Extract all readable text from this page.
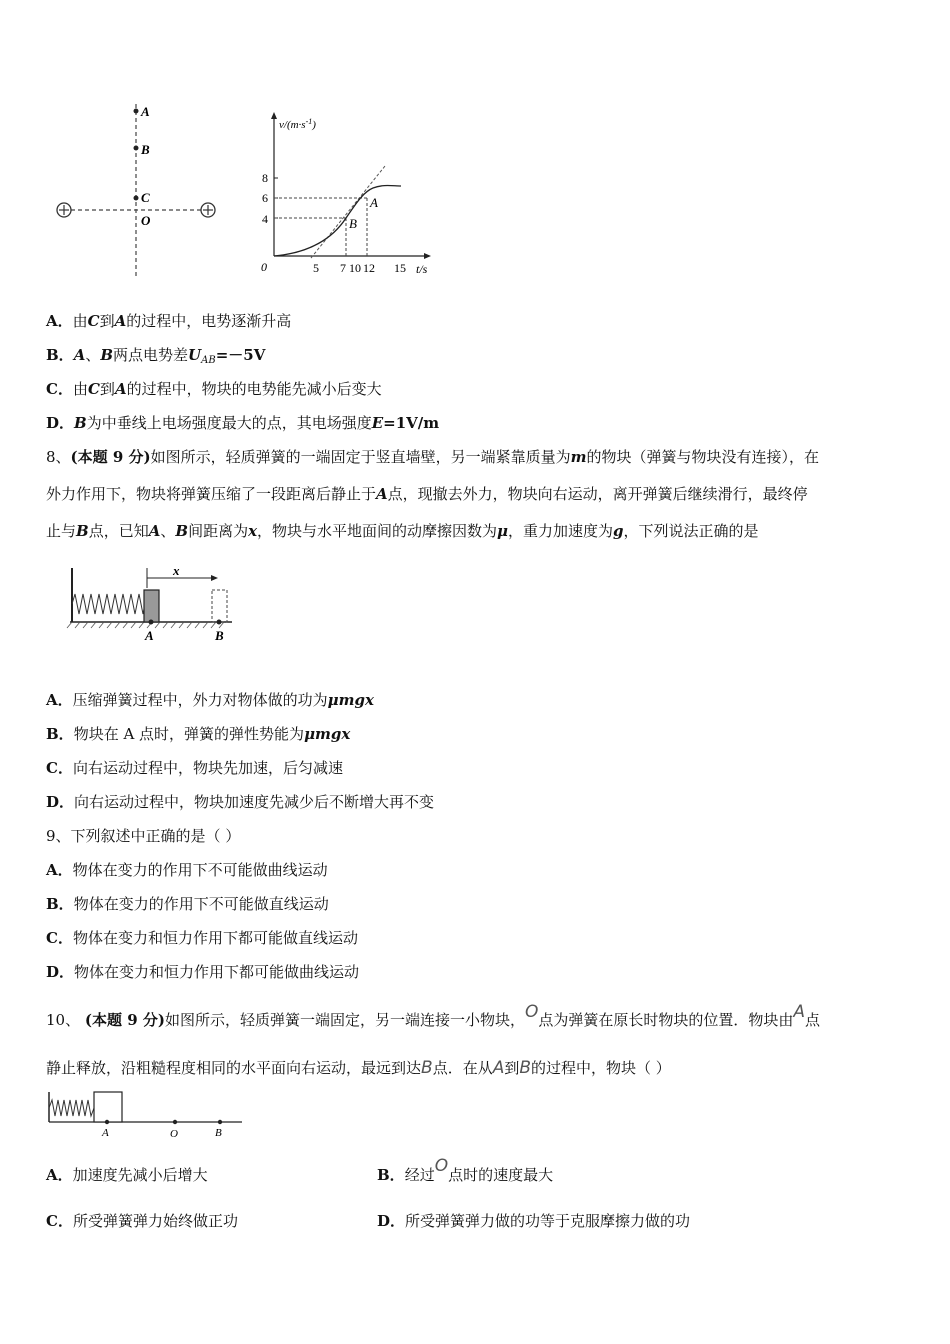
A
B
C
O
$v/(m\cdot s^{-1})$
t/s
0
8
6
4
5 7 10 12 15
A
B
A．由C到A的过程中，电势逐渐升高
B．A、B两点电势差$U_{AB}=-5V$
C．由C到A的过程中，物块的电势能先减小后变大
D．B为中垂线上电场强度最大的点，其电场强度E=1V/m
8、(本题 9 分)如图所示，轻质弹簧的一端固定于竖直墙壁，另一端紧靠质量为m的物块（弹簧与物块没有连接），在
外力作用下，物块将弹簧压缩了一段距离后静止于A点，现撤去外力，物块向右运动，离开弹簧后继续滑行，最终停
止与B点，已知A、B间距离为x，物块与水平地面间的动摩擦因数为μ，重力加速度为g，下列说法正确的是
x
A	B
A．压缩弹簧过程中，外力对物体做的功为μmgx
B．物块在 A 点时，弹簧的弹性势能为μmgx
C．向右运动过程中，物块先加速，后匀减速
D．向右运动过程中，物块加速度先减少后不断增大再不变
9、下列叙述中正确的是（ ）
A．物体在变力的作用下不可能做曲线运动
B．物体在变力的作用下不可能做直线运动
C．物体在变力和恒力作用下都可能做直线运动
D．物体在变力和恒力作用下都可能做曲线运动
10、 (本题 9 分)如图所示，轻质弹簧一端固定，另一端连接一小物块，O点为弹簧在原长时物块的位置．物块由A点
静止释放，沿粗糙程度相同的水平面向右运动，最远到达B点．在从A到B的过程中，物块（ ）
A	O	B
A．加速度先减小后增大	B．经过O点时的速度最大
C．所受弹簧弹力始终做正功	D．所受弹簧弹力做的功等于克服摩擦力做的功
